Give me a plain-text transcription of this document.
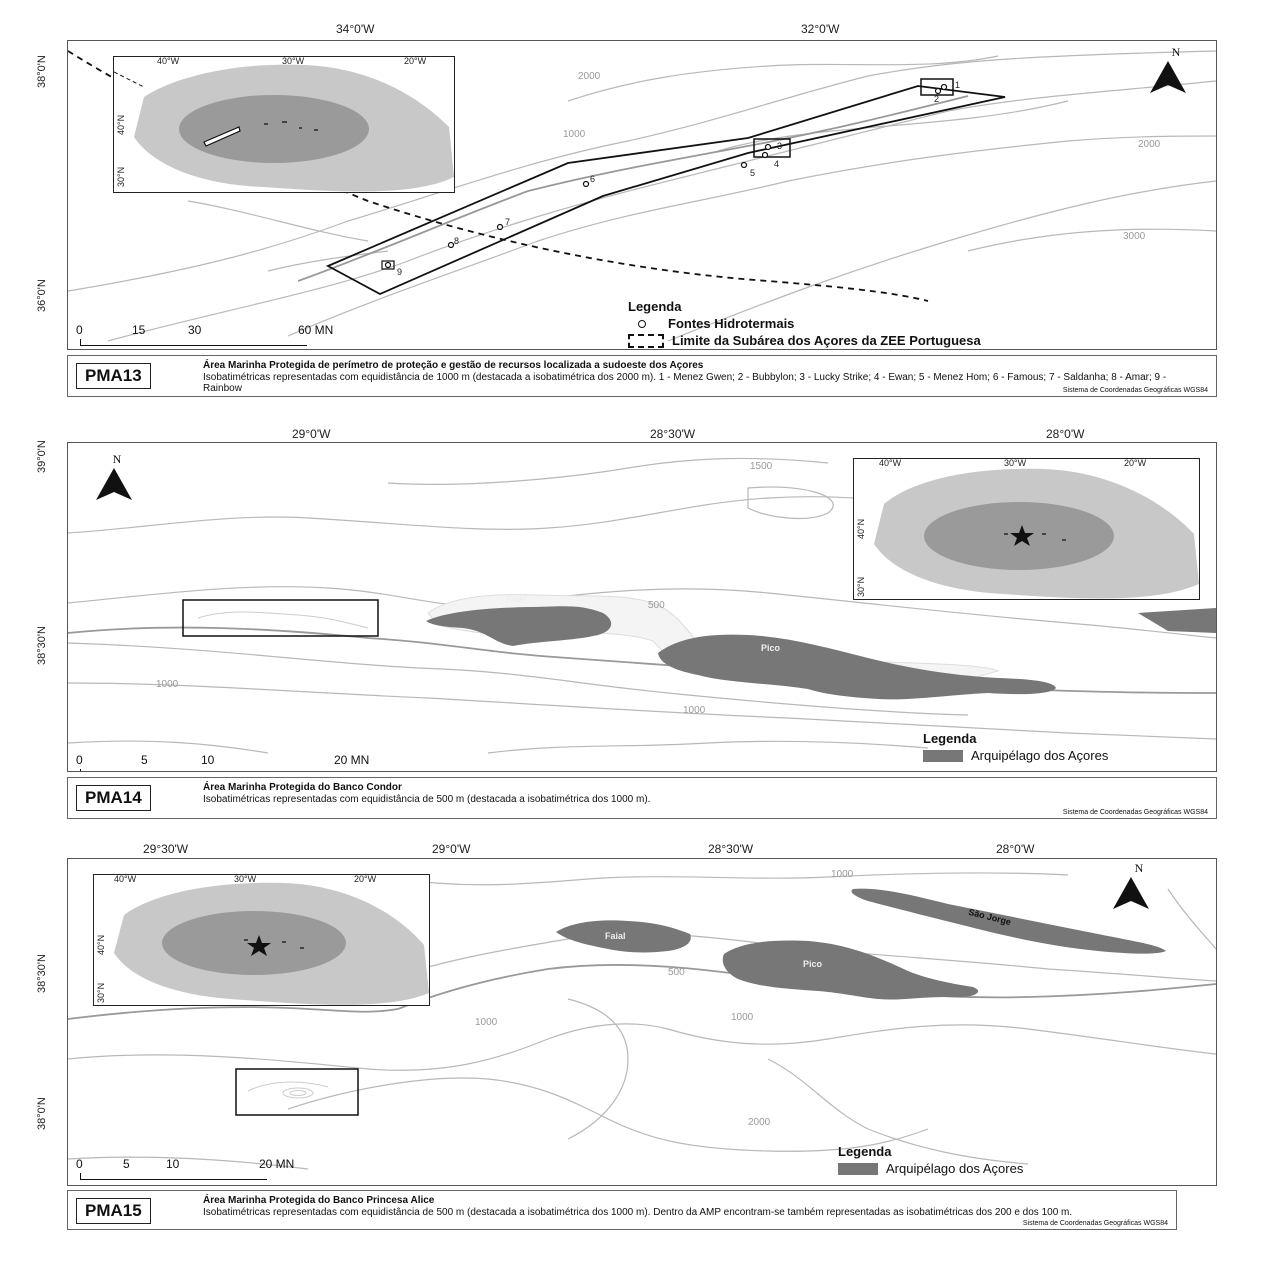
34°0'W	32°0'W
38°0'N
36°0'N
2000
1000
2000
3000
1
2
3
4
5
6
7
8
9
40°W	30°W	20°W
40°N
30°N
N
0	15	30	60 MN
Legenda
Fontes Hidrotermais
Limite da Subárea dos Açores da ZEE Portuguesa
PMA13
Área Marinha Protegida de perímetro de proteção e gestão de recursos localizada a sudoeste dos Açores
Isobatimétricas representadas com equidistância de 1000 m (destacada a isobatimétrica dos 2000 m). 1 - Menez Gwen; 2 - Bubbylon; 3 - Lucky Strike; 4 - Ewan; 5 - Menez Hom; 6 - Famous; 7 - Saldanha; 8 - Amar; 9 - Rainbow	Sistema de Coordenadas Geográficas WGS84
29°0'W	28°30'W	28°0'W
39°0'N
38°30'N
Faial
Pico
1500
500
1000
1000
N	40°W	30°W	20°W
40°N
30°N
0	5	10	20 MN
Legenda
Arquipélago dos Açores
PMA14
Área Marinha Protegida do Banco Condor
Isobatimétricas representadas com equidistância de 500 m (destacada a isobatimétrica dos 1000 m).
Sistema de Coordenadas Geográficas WGS84
29°30'W	29°0'W	28°30'W	28°0'W
38°30'N
38°0'N
Faial
Pico
São Jorge
1000
500
1000	1000
2000
40°W	30°W	20°W
40°N
30°N
N
0	5	10	20 MN
Legenda
Arquipélago dos Açores
PMA15
Área Marinha Protegida do Banco Princesa Alice
Isobatimétricas representadas com equidistância de 500 m (destacada a isobatimétrica dos 1000 m). Dentro da AMP encontram-se também representadas as isobatimétricas dos 200 e dos 100 m.
Sistema de Coordenadas Geográficas WGS84
